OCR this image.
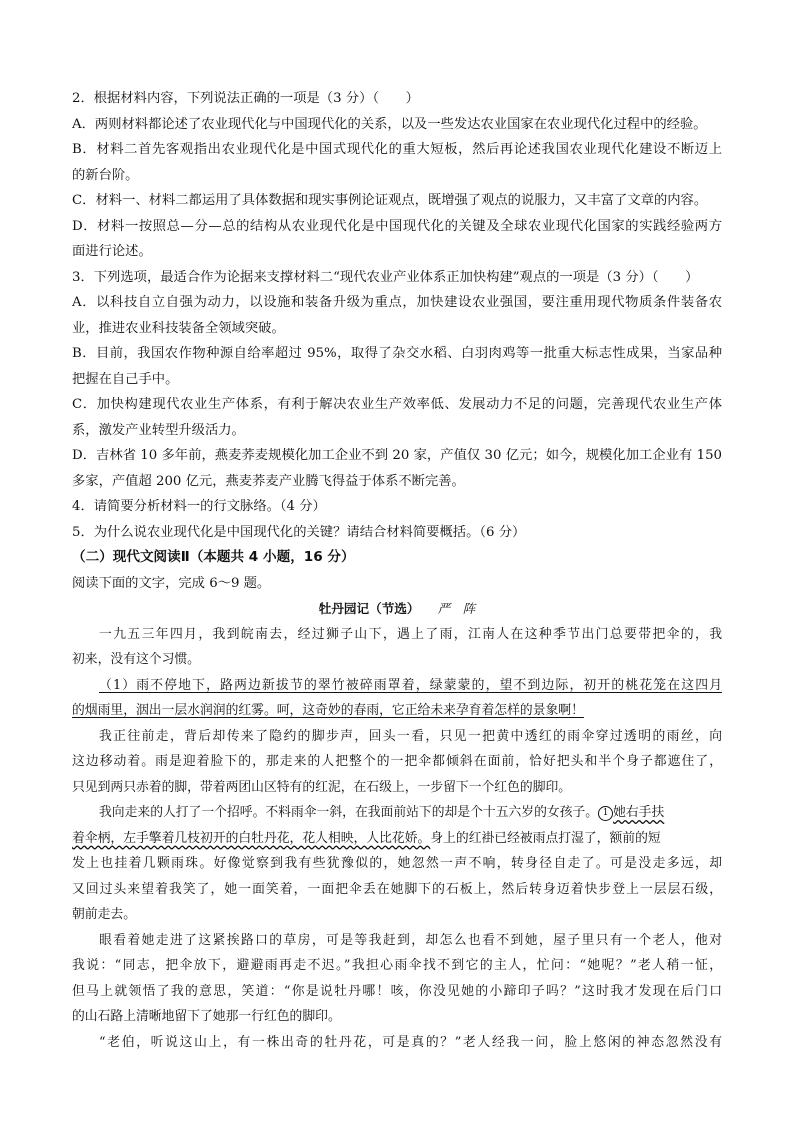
2．根据材料内容，下列说法正确的一项是（3 分）（　　）
A．两则材料都论述了农业现代化与中国现代化的关系，以及一些发达农业国家在农业现代化过程中的经验。
B．材料二首先客观指出农业现代化是中国式现代化的重大短板，然后再论述我国农业现代化建设不断迈上
的新台阶。
C．材料一、材料二都运用了具体数据和现实事例论证观点，既增强了观点的说服力，又丰富了文章的内容。
D．材料一按照总—分—总的结构从农业现代化是中国现代化的关键及全球农业现代化国家的实践经验两方
面进行论述。
3．下列选项，最适合作为论据来支撑材料二“现代农业产业体系正加快构建”观点的一项是（3 分）（　　）
A．以科技自立自强为动力，以设施和装备升级为重点，加快建设农业强国，要注重用现代物质条件装备农
业，推进农业科技装备全领域突破。
B．目前，我国农作物种源自给率超过 95%，取得了杂交水稻、白羽肉鸡等一批重大标志性成果，当家品种
把握在自己手中。
C．加快构建现代农业生产体系，有利于解决农业生产效率低、发展动力不足的问题，完善现代农业生产体
系，激发产业转型升级活力。
D．吉林省 10 多年前，燕麦荞麦规模化加工企业不到 20 家，产值仅 30 亿元；如今，规模化加工企业有 150
多家，产值超 200 亿元，燕麦荞麦产业腾飞得益于体系不断完善。
4．请简要分析材料一的行文脉络。（4 分）
5．为什么说农业现代化是中国现代化的关键？请结合材料简要概括。（6 分）
（二）现代文阅读Ⅱ（本题共 4 小题，16 分）
阅读下面的文字，完成 6～9 题。
牡丹园记（节选） 严　阵
一九五三年四月，我到皖南去，经过狮子山下，遇上了雨，江南人在这种季节出门总要带把伞的，我
初来，没有这个习惯。
（1）雨不停地下，路两边新拔节的翠竹被碎雨罩着，绿蒙蒙的，望不到边际，初开的桃花笼在这四月
的烟雨里，洇出一层水润润的红雾。呵，这奇妙的春雨，它正给未来孕育着怎样的景象啊！
我正往前走，背后却传来了隐约的脚步声，回头一看，只见一把黄中透红的雨伞穿过透明的雨丝，向
这边移动着。雨是迎着脸下的，那走来的人把整个的一把伞都倾斜在面前，恰好把头和半个身子都遮住了，
只见到两只赤着的脚，带着两团山区特有的红泥，在石级上，一步留下一个红色的脚印。
我向走来的人打了一个招呼。不料雨伞一斜，在我面前站下的却是个十五六岁的女孩子。 1 她右手扶
着伞柄，左手擎着几枝初开的白牡丹花，花人相映，人比花娇。身上的红褂已经被雨点打湿了，额前的短
发上也挂着几颗雨珠。好像觉察到我有些犹豫似的，她忽然一声不响，转身径自走了。可是没走多远，却
又回过头来望着我笑了，她一面笑着，一面把伞丢在她脚下的石板上，然后转身迈着快步登上一层层石级，
朝前走去。
眼看着她走进了这紧挨路口的草房，可是等我赶到，却怎么也看不到她，屋子里只有一个老人，他对
我说：“同志，把伞放下，避避雨再走不迟。”我担心雨伞找不到它的主人，忙问：“她呢？”老人稍一怔，
但马上就领悟了我的意思，笑道：“你是说牡丹哪！咳，你没见她的小蹄印子吗？”这时我才发现在后门口
的山石路上清晰地留下了她那一行红色的脚印。
“老伯，听说这山上，有一株出奇的牡丹花，可是真的？”老人经我一问，脸上悠闲的神态忽然没有
